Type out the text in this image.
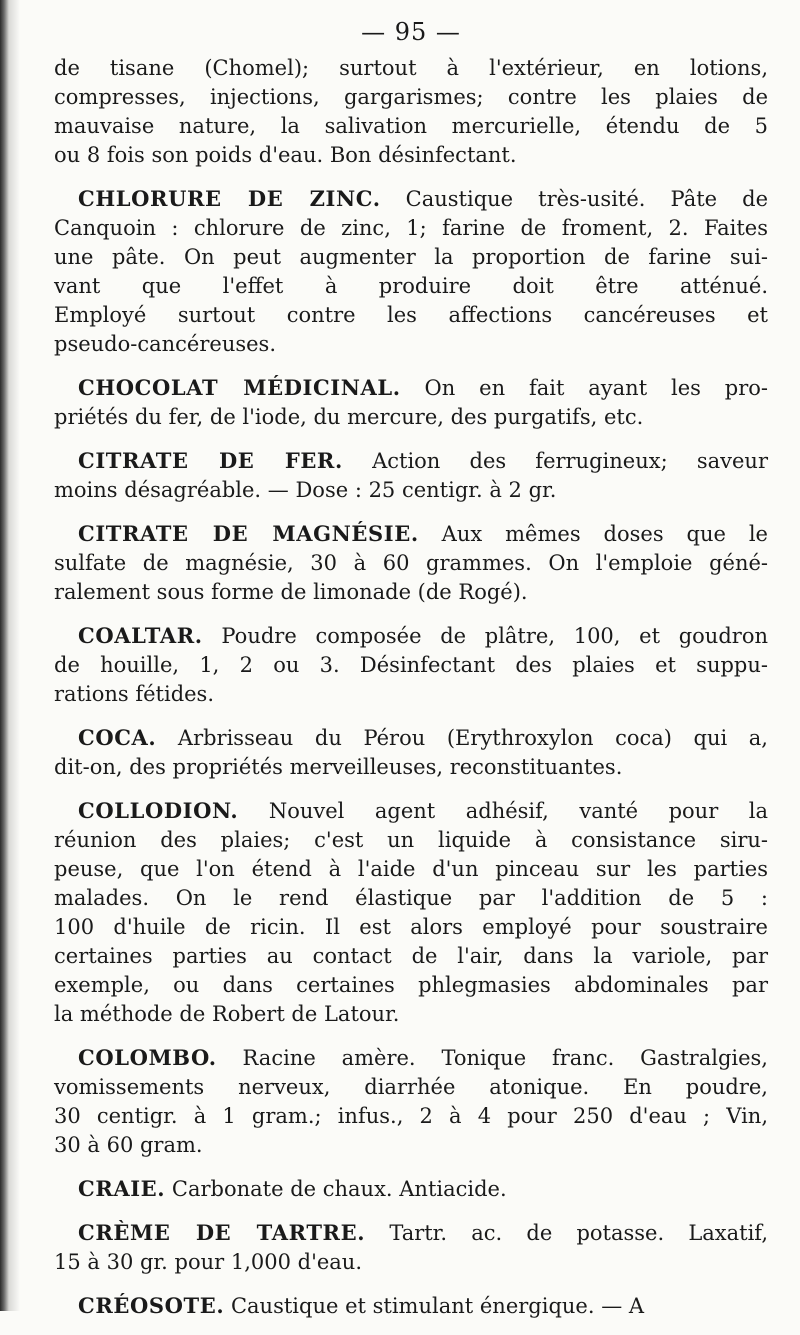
— 95 —
de tisane (Chomel); surtout à l'extérieur, en lotions,
compresses, injections, gargarismes; contre les plaies de
mauvaise nature, la salivation mercurielle, étendu de 5
ou 8 fois son poids d'eau. Bon désinfectant.
CHLORURE DE ZINC. Caustique très-usité. Pâte de
Canquoin : chlorure de zinc, 1; farine de froment, 2. Faites
une pâte. On peut augmenter la proportion de farine sui-
vant que l'effet à produire doit être atténué.
Employé surtout contre les affections cancéreuses et
pseudo-cancéreuses.
CHOCOLAT MÉDICINAL. On en fait ayant les pro-
priétés du fer, de l'iode, du mercure, des purgatifs, etc.
CITRATE DE FER. Action des ferrugineux; saveur
moins désagréable. — Dose : 25 centigr. à 2 gr.
CITRATE DE MAGNÉSIE. Aux mêmes doses que le
sulfate de magnésie, 30 à 60 grammes. On l'emploie géné-
ralement sous forme de limonade (de Rogé).
COALTAR. Poudre composée de plâtre, 100, et goudron
de houille, 1, 2 ou 3. Désinfectant des plaies et suppu-
rations fétides.
COCA. Arbrisseau du Pérou (Erythroxylon coca) qui a,
dit-on, des propriétés merveilleuses, reconstituantes.
COLLODION. Nouvel agent adhésif, vanté pour la
réunion des plaies; c'est un liquide à consistance siru-
peuse, que l'on étend à l'aide d'un pinceau sur les parties
malades. On le rend élastique par l'addition de 5 :
100 d'huile de ricin. Il est alors employé pour soustraire
certaines parties au contact de l'air, dans la variole, par
exemple, ou dans certaines phlegmasies abdominales par
la méthode de Robert de Latour.
COLOMBO. Racine amère. Tonique franc. Gastralgies,
vomissements nerveux, diarrhée atonique. En poudre,
30 centigr. à 1 gram.; infus., 2 à 4 pour 250 d'eau ; Vin,
30 à 60 gram.
CRAIE. Carbonate de chaux. Antiacide.
CRÈME DE TARTRE. Tartr. ac. de potasse. Laxatif,
15 à 30 gr. pour 1,000 d'eau.
CRÉOSOTE. Caustique et stimulant énergique. — A
